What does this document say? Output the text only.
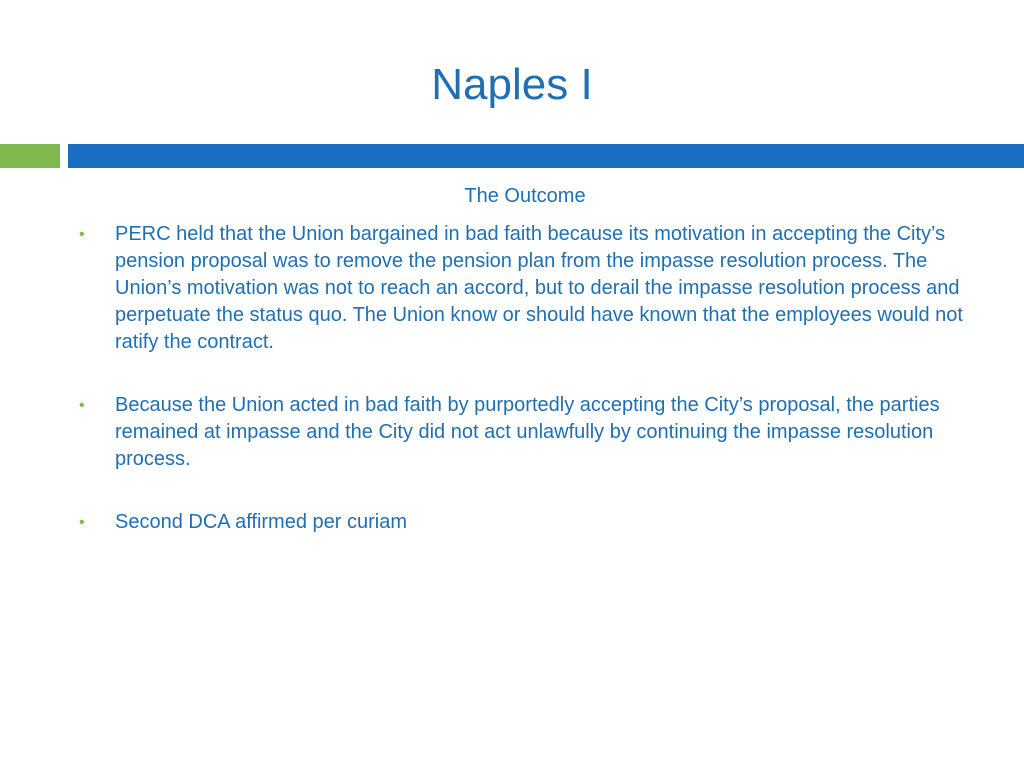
Naples I
The Outcome
• PERC held that the Union bargained in bad faith because its motivation in accepting the City’s pension proposal was to remove the pension plan from the impasse resolution process. The Union’s motivation was not to reach an accord, but to derail the impasse resolution process and perpetuate the status quo. The Union know or should have known that the employees would not ratify the contract.
• Because the Union acted in bad faith by purportedly accepting the City’s proposal, the parties remained at impasse and the City did not act unlawfully by continuing the impasse resolution process.
• Second DCA affirmed per curiam
